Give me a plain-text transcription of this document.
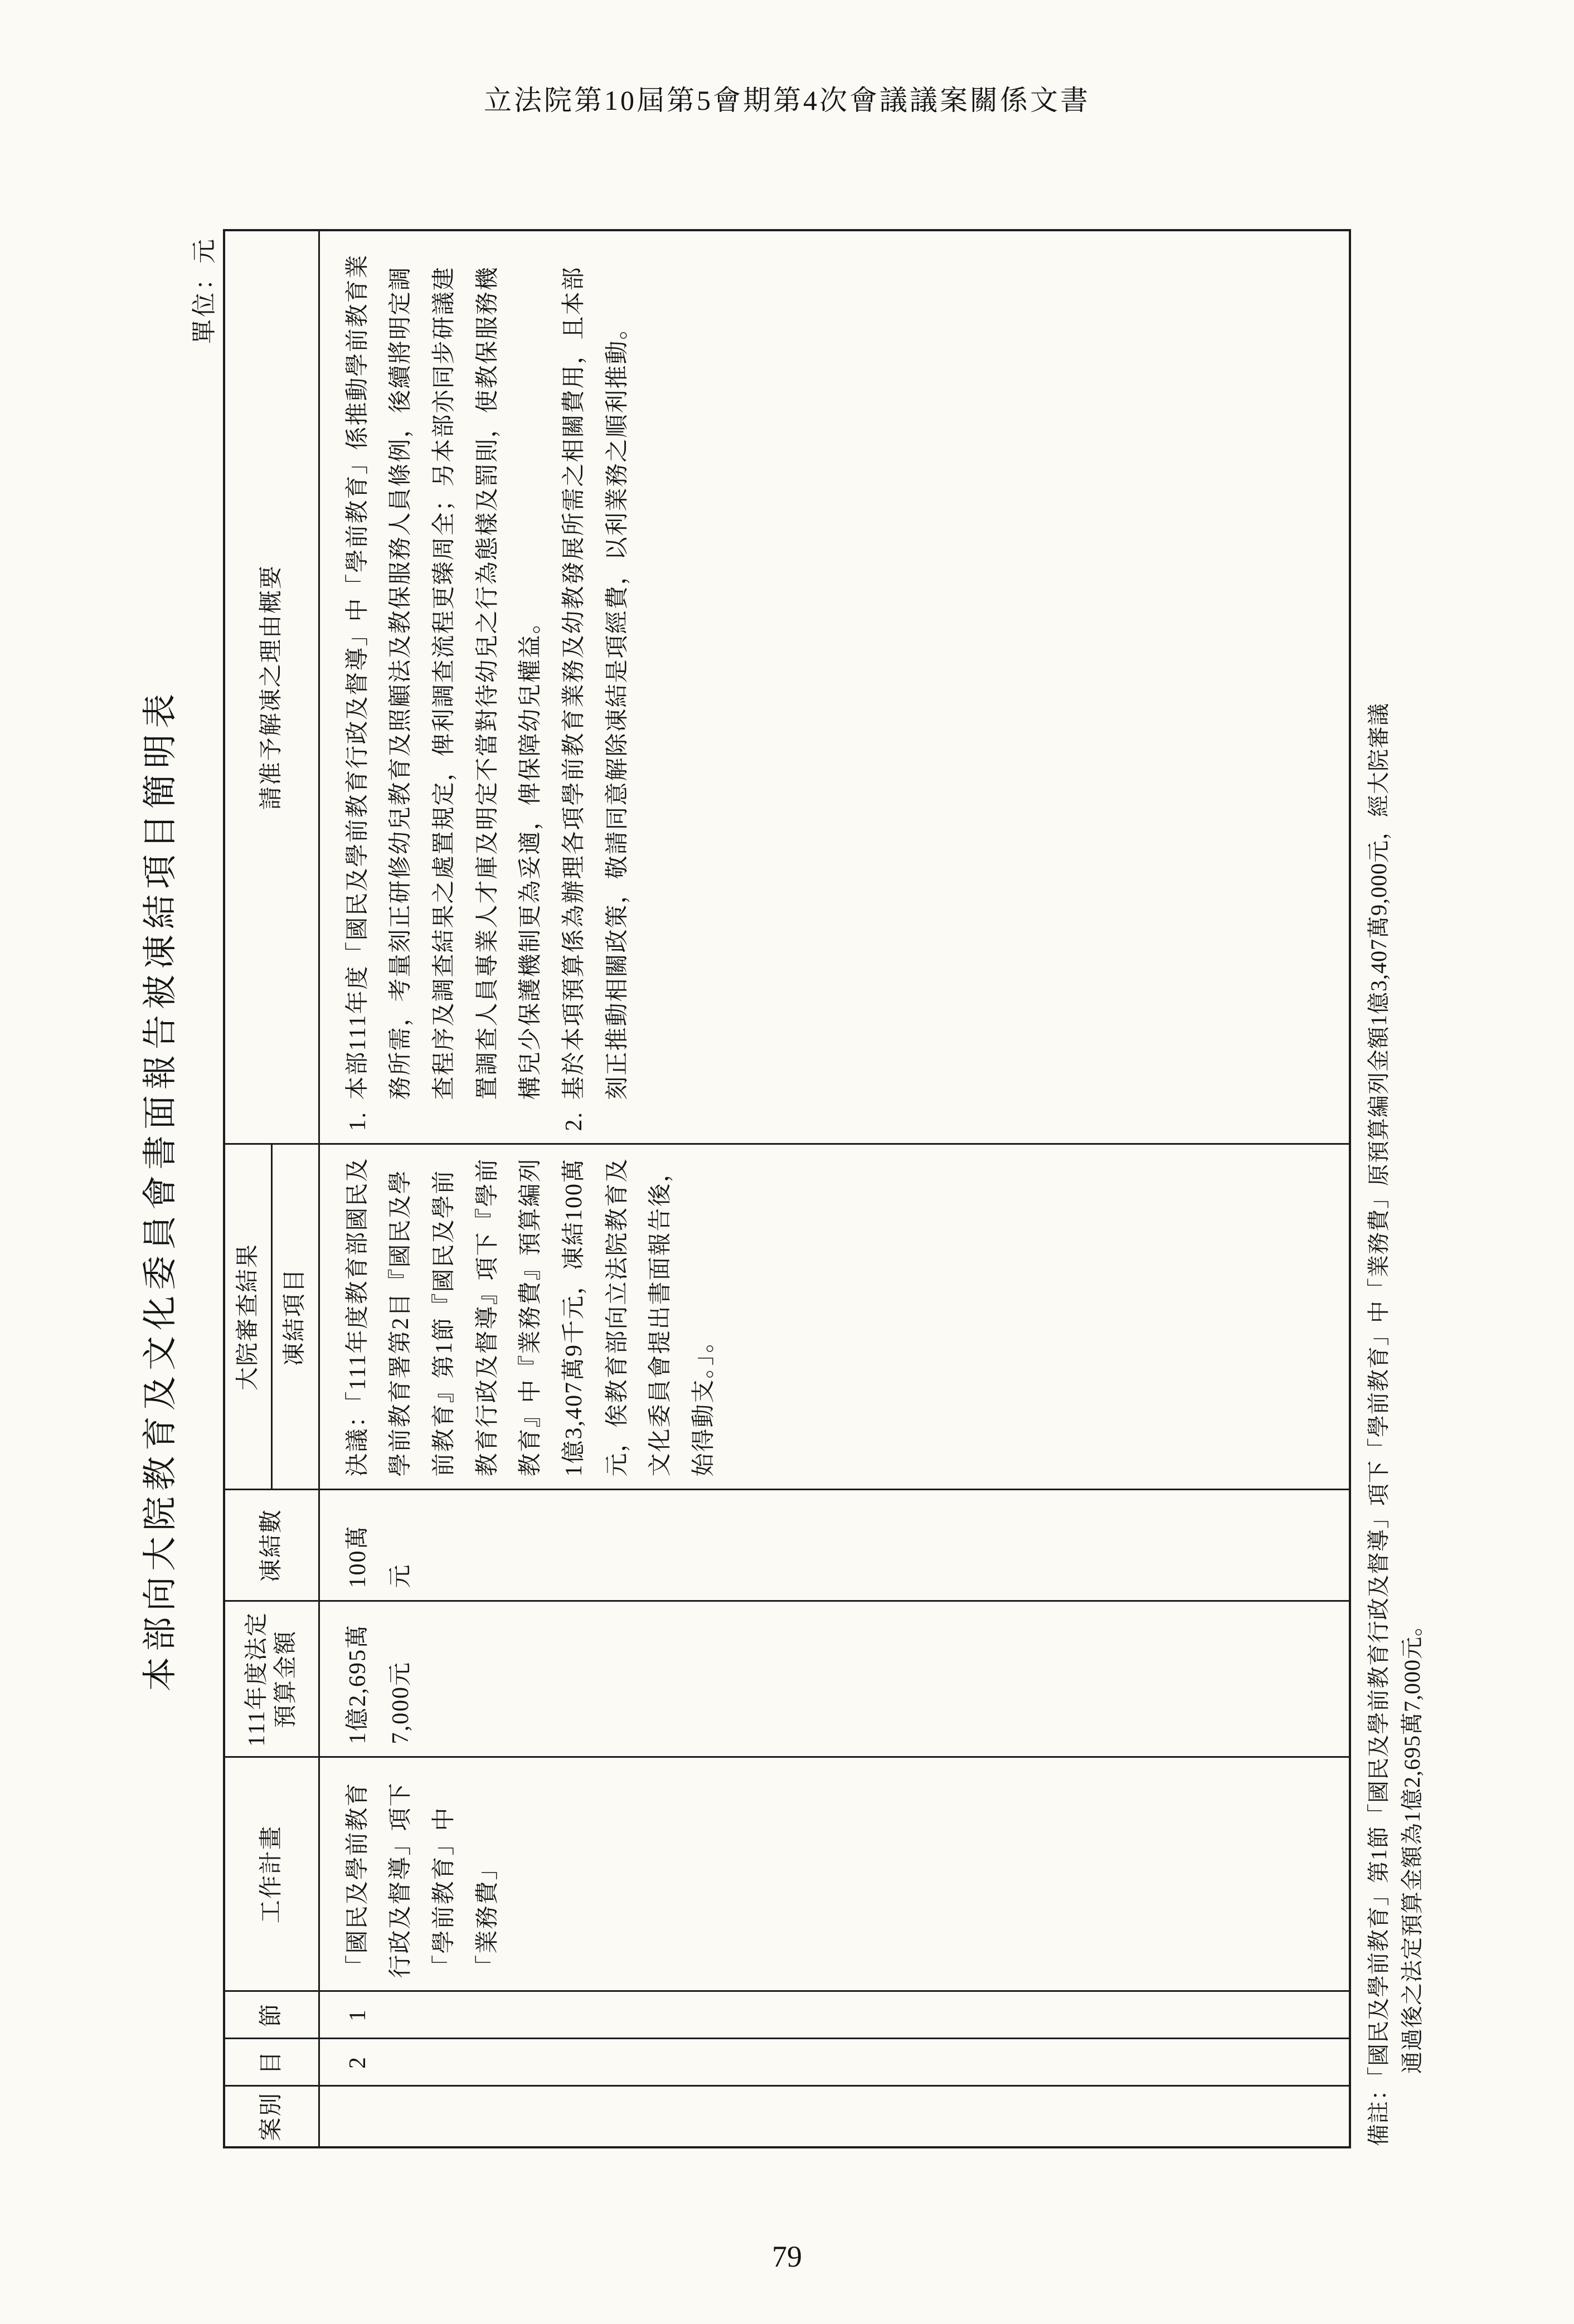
立法院第10屆第5會期第4次會議議案關係文書
本部向大院教育及文化委員會書面報告被凍結項目簡明表
單位：元
案別	目	節	工作計畫	111年度法定 預算金額	凍結數	大院審查結果	請准予解凍之理由概要
						凍結項目	
	2	1	「國民及學前教育行政及督導」項下「學前教育」中「業務費」	1億2,695萬7,000元	100萬元	決議：「111年度教育部國民及學前教育署第2目『國民及學前教育』第1節『國民及學前教育行政及督導』項下『學前教育』中『業務費』預算編列1億3,407萬9千元，凍結100萬元，俟教育部向立法院教育及文化委員會提出書面報告後，始得動支。」。	1.
本部111年度「國民及學前教育行政及督導」中「學前教育」係推動學前教育業務所需，考量刻正研修幼兒教育及照顧法及教保服務人員條例，後續將明定調查程序及調查結果之處置規定，俾利調查流程更臻周全；另本部亦同步研議建置調查人員專業人才庫及明定不當對待幼兒之行為態樣及罰則，使教保服務機構兒少保護機制更為妥適，俾保障幼兒權益。
2.
基於本項預算係為辦理各項學前教育業務及幼教發展所需之相關費用，且本部刻正推動相關政策，敬請同意解除凍結是項經費，以利業務之順利推動。
備註：「國民及學前教育」第1節「國民及學前教育行政及督導」項下「學前教育」中「業務費」原預算編列金額1億3,407萬9,000元，經大院審議 通過後之法定預算金額為1億2,695萬7,000元。
79
